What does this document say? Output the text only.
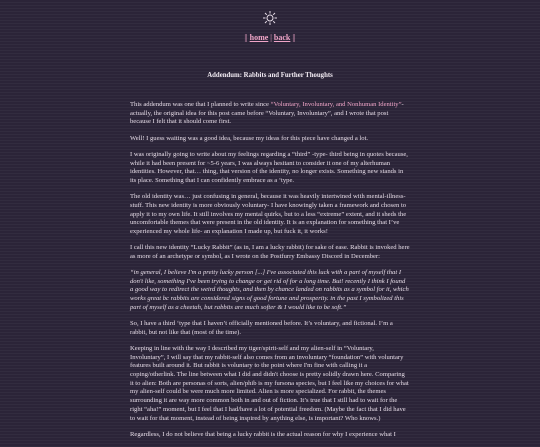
|| home | back ||
Addendum: Rabbits and Further Thoughts

This addendum was one that I planned to write since “Voluntary, Involuntary, and Nonhuman Identity”- actually, the original idea for this post came before “Voluntary, Involuntary”, and I wrote that post because I felt that it should come first.

Well! I guess waiting was a good idea, because my ideas for this piece have changed a lot.

I was originally going to write about my feelings regarding a “third” -type- third being in quotes because, while it had been present for ~5-6 years, I was always hesitant to consider it one of my alterhuman identities. However, that… thing, that version of the identity, no longer exists. Something new stands in its place. Something that I can confidently embrace as a ‘type.

The old identity was… just confusing in general, because it was heavily intertwined with mental-illness-stuff. This new identity is more obviously voluntary- I have knowingly taken a framework and chosen to apply it to my own life. It still involves my mental quirks, but to a less “extreme” extent, and it sheds the uncomfortable themes that were present in the old identity. It is an explanation for something that I’ve experienced my whole life- an explanation I made up, but fuck it, it works!

I call this new identity “Lucky Rabbit” (as in, I am a lucky rabbit) for sake of ease. Rabbit is invoked here as more of an archetype or symbol, as I wrote on the Postfurry Embassy Discord in December:

“in general, I believe I'm a pretty lucky person [...] I've associated this luck with a part of myself that I don't like, something I've been trying to change or get rid of for a long time. But! recently I think I found a good way to redirect the weird thoughts, and then by chance landed on rabbits as a symbol for it, which works great bc rabbits are considered signs of good fortune and prosperity. in the past I symbolized this part of myself as a cheetah, but rabbits are much softer & I would like to be soft.”

So, I have a third ‘type that I haven’t officially mentioned before. It’s voluntary, and fictional. I’m a rabbit, but not like that (most of the time).

Keeping in line with the way I described my tiger/spirit-self and my alien-self in “Voluntary, Involuntary”, I will say that my rabbit-self also comes from an involuntary “foundation” with voluntary features built around it. But rabbit is voluntary to the point where I'm fine with calling it a coping/otherlink. The line between what I did and didn't choose is pretty solidly drawn here. Comparing it to alien: Both are personas of sorts, alien/phib is my fursona species, but I feel like my choices for what my alien-self could be were much more limited. Alien is more specialized. For rabbit, the themes surrounding it are way more common both in and out of fiction. It’s true that I still had to wait for the right “aha!” moment, but I feel that I had/have a lot of potential freedom. (Maybe the fact that I did have to wait for that moment, instead of being inspired by anything else, is important? Who knows.)

Regardless, I do not believe that being a lucky rabbit is the actual reason for why I experience what I
